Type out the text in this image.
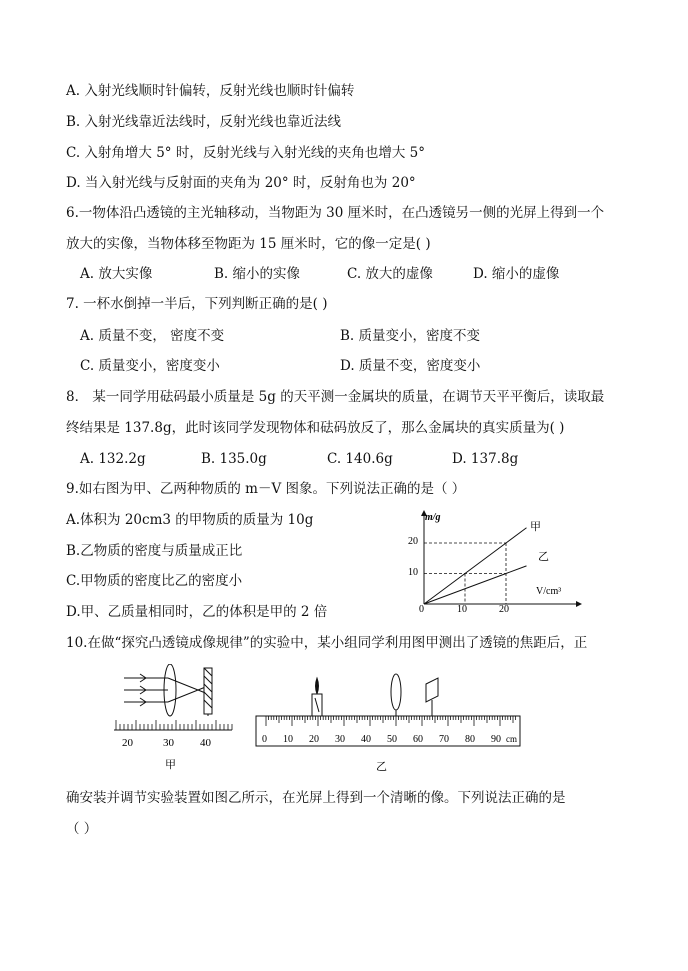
A. 入射光线顺时针偏转，反射光线也顺时针偏转
B. 入射光线靠近法线时，反射光线也靠近法线
C. 入射角增大 5° 时，反射光线与入射光线的夹角也增大 5°
D. 当入射光线与反射面的夹角为 20° 时，反射角也为 20°
6.一物体沿凸透镜的主光轴移动，当物距为 30 厘米时，在凸透镜另一侧的光屏上得到一个
放大的实像，当物体移至物距为 15 厘米时，它的像一定是( )
A. 放大实像	B. 缩小的实像	C. 放大的虚像	D. 缩小的虚像
7. 一杯水倒掉一半后，下列判断正确的是( )
A. 质量不变， 密度不变	B. 质量变小，密度不变
C. 质量变小，密度变小	D. 质量不变，密度变小
8． 某一同学用砝码最小质量是 5g 的天平测一金属块的质量，在调节天平平衡后，读取最
终结果是 137.8g，此时该同学发现物体和砝码放反了，那么金属块的真实质量为( )
A. 132.2g	B. 135.0g	C. 140.6g	D. 137.8g
9.如右图为甲、乙两种物质的 m－V 图象。下列说法正确的是（ ）
A.体积为 20cm3 的甲物质的质量为 10g
B.乙物质的密度与质量成正比
C.甲物质的密度比乙的密度小
D.甲、乙质量相同时，乙的体积是甲的 2 倍
m/g
V/cm³
甲
乙
20
10
0	10	20
10.在做“探究凸透镜成像规律”的实验中，某小组同学利用图甲测出了透镜的焦距后，正
20	30 40
甲
0 10 20 30 40 50 60 70 80 90 cm
乙
确安装并调节实验装置如图乙所示，在光屏上得到一个清晰的像。下列说法正确的是
（ ）
